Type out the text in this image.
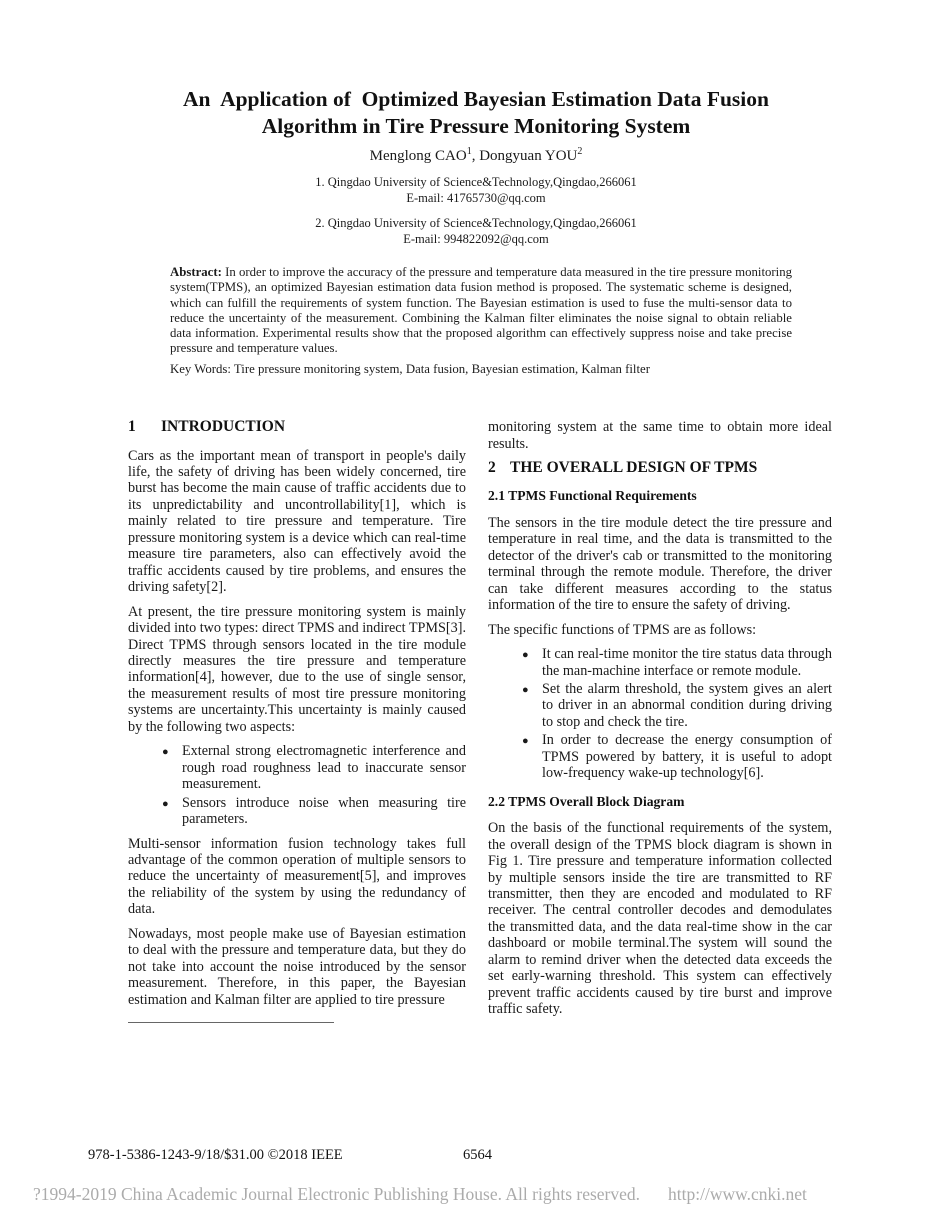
An  Application of  Optimized Bayesian Estimation Data Fusion
Algorithm in Tire Pressure Monitoring System
Menglong CAO$^1$, Dongyuan YOU$^2$
1. Qingdao University of Science&Technology,Qingdao,266061
E-mail: 41765730@qq.com
2. Qingdao University of Science&Technology,Qingdao,266061
E-mail: 994822092@qq.com
Abstract: In order to improve the accuracy of the pressure and temperature data measured in the tire pressure monitoring system(TPMS), an optimized Bayesian estimation data fusion method is proposed. The systematic scheme is designed, which can fulfill the requirements of system function. The Bayesian estimation is used to fuse the multi-sensor data to reduce the uncertainty of the measurement. Combining the Kalman filter eliminates the noise signal to obtain reliable data information. Experimental results show that the proposed algorithm can effectively suppress noise and take precise pressure and temperature values.
Key Words: Tire pressure monitoring system, Data fusion, Bayesian estimation, Kalman filter
1 INTRODUCTION

Cars as the important mean of transport in people's daily life, the safety of driving has been widely concerned, tire burst has become the main cause of traffic accidents due to its unpredictability and uncontrollability[1], which is mainly related to tire pressure and temperature. Tire pressure monitoring system is a device which can real-time measure tire parameters, also can effectively avoid the traffic accidents caused by tire problems, and ensures the driving safety[2].

At present, the tire pressure monitoring system is mainly divided into two types: direct TPMS and indirect TPMS[3]. Direct TPMS through sensors located in the tire module directly measures the tire pressure and temperature information[4], however, due to the use of single sensor, the measurement results of most tire pressure monitoring systems are uncertainty.This uncertainty is mainly caused by the following two aspects:

● External strong electromagnetic interference and rough road roughness lead to inaccurate sensor measurement.
● Sensors introduce noise when measuring tire parameters.

Multi-sensor information fusion technology takes full advantage of the common operation of multiple sensors to reduce the uncertainty of measurement[5], and improves the reliability of the system by using the redundancy of data.

Nowadays, most people make use of Bayesian estimation to deal with the pressure and temperature data, but they do not take into account the noise introduced by the sensor measurement. Therefore, in this paper, the Bayesian estimation and Kalman filter are applied to tire pressure

monitoring system at the same time to obtain more ideal results.

2 THE OVERALL DESIGN OF TPMS
2.1 TPMS Functional Requirements

The sensors in the tire module detect the tire pressure and temperature in real time, and the data is transmitted to the detector of the driver's cab or transmitted to the monitoring terminal through the remote module. Therefore, the driver can take different measures according to the status information of the tire to ensure the safety of driving.

The specific functions of TPMS are as follows:

● It can real-time monitor the tire status data through the man-machine interface or remote module.
● Set the alarm threshold, the system gives an alert to driver in an abnormal condition during driving to stop and check the tire.
● In order to decrease the energy consumption of TPMS powered by battery, it is useful to adopt low-frequency wake-up technology[6].
2.2 TPMS Overall Block Diagram

On the basis of the functional requirements of the system, the overall design of the TPMS block diagram is shown in Fig 1. Tire pressure and temperature information collected by multiple sensors inside the tire are transmitted to RF transmitter, then they are encoded and modulated to RF receiver. The central controller decodes and demodulates the transmitted data, and the data real-time show in the car dashboard or mobile terminal.The system will sound the alarm to remind driver when the detected data exceeds the set early-warning threshold. This system can effectively prevent traffic accidents caused by tire burst and improve traffic safety.

978-1-5386-1243-9/18/$31.00 ©2018 IEEE	6564
?1994-2019 China Academic Journal Electronic Publishing House. All rights reserved. http://www.cnki.net
